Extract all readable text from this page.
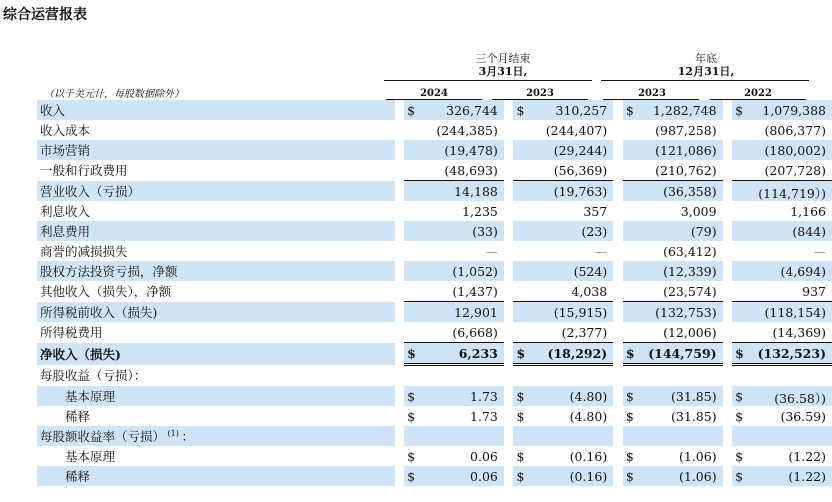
综合运营报表
三个月结束
3月31日,
年底
12月31日,
（以千美元计，每股数据除外）	2024	2023	2023	2022
收入		$ 326,744		$ 310,257		$ 1,282,748		$ 1,079,388

收入成本		(244,385)		(244,407)		(987,258)		(806,377)

市场营销		(19,478)		(29,244)		(121,086)		(180,002)

一般和行政费用		(48,693)		(56,369)		(210,762)		(207,728)

营业收入（亏损）		14,188		(19,763)		(36,358)		(114,719）)

利息收入		1,235		357		3,009		1,166

利息费用		(33)		(23)		(79)		(844)

商誉的减损损失		—		—		(63,412)		—

股权方法投资亏损，净额		(1,052)		(524)		(12,339)		(4,694)

其他收入（损失），净额		(1,437)		4,038		(23,574)		937

所得税前收入（损失)		12,901		(15,915)		(132,753)		(118,154)

所得税费用		(6,668)		(2,377)		(12,006)		(14,369)

净收入（损失)		$ 6,233		$ (18,292)		$ (144,759)		$ (132,523)

每股收益（亏损）：		

基本原理		$ 1.73		$ (4.80)		$ (31.85)		$ (36.58）)

稀释		$ 1.73		$ (4.80)		$ (31.85)		$ (36.59)

每股额收益率（亏损） $^{(1)}$ ：		

基本原理		$ 0.06		$ (0.16)		$ (1.06)		$ (1.22)

稀释		$ 0.06		$ (0.16)		$ (1.06)		$ (1.22)
